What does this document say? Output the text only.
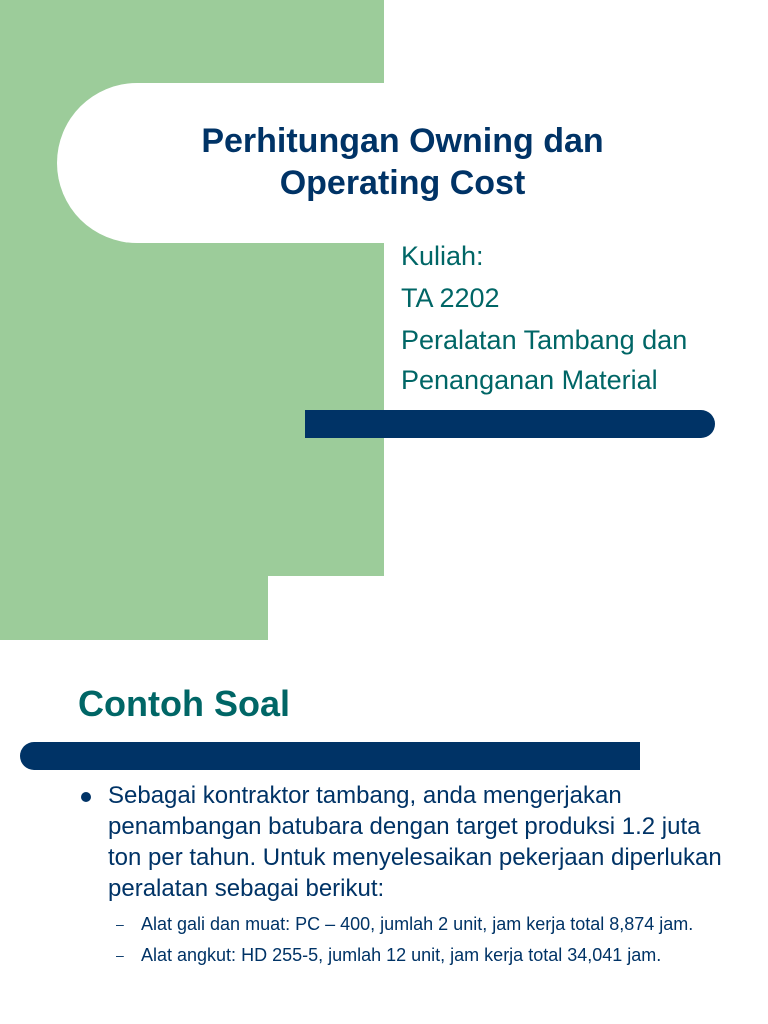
Perhitungan Owning dan Operating Cost
Kuliah:
TA 2202
Peralatan Tambang dan Penanganan Material
Contoh Soal
Sebagai kontraktor tambang, anda mengerjakan penambangan batubara dengan target produksi 1.2 juta ton per tahun. Untuk menyelesaikan pekerjaan diperlukan peralatan sebagai berikut:
– Alat gali dan muat: PC – 400, jumlah 2 unit, jam kerja total 8,874 jam.
– Alat angkut: HD 255-5, jumlah 12 unit, jam kerja total 34,041 jam.
